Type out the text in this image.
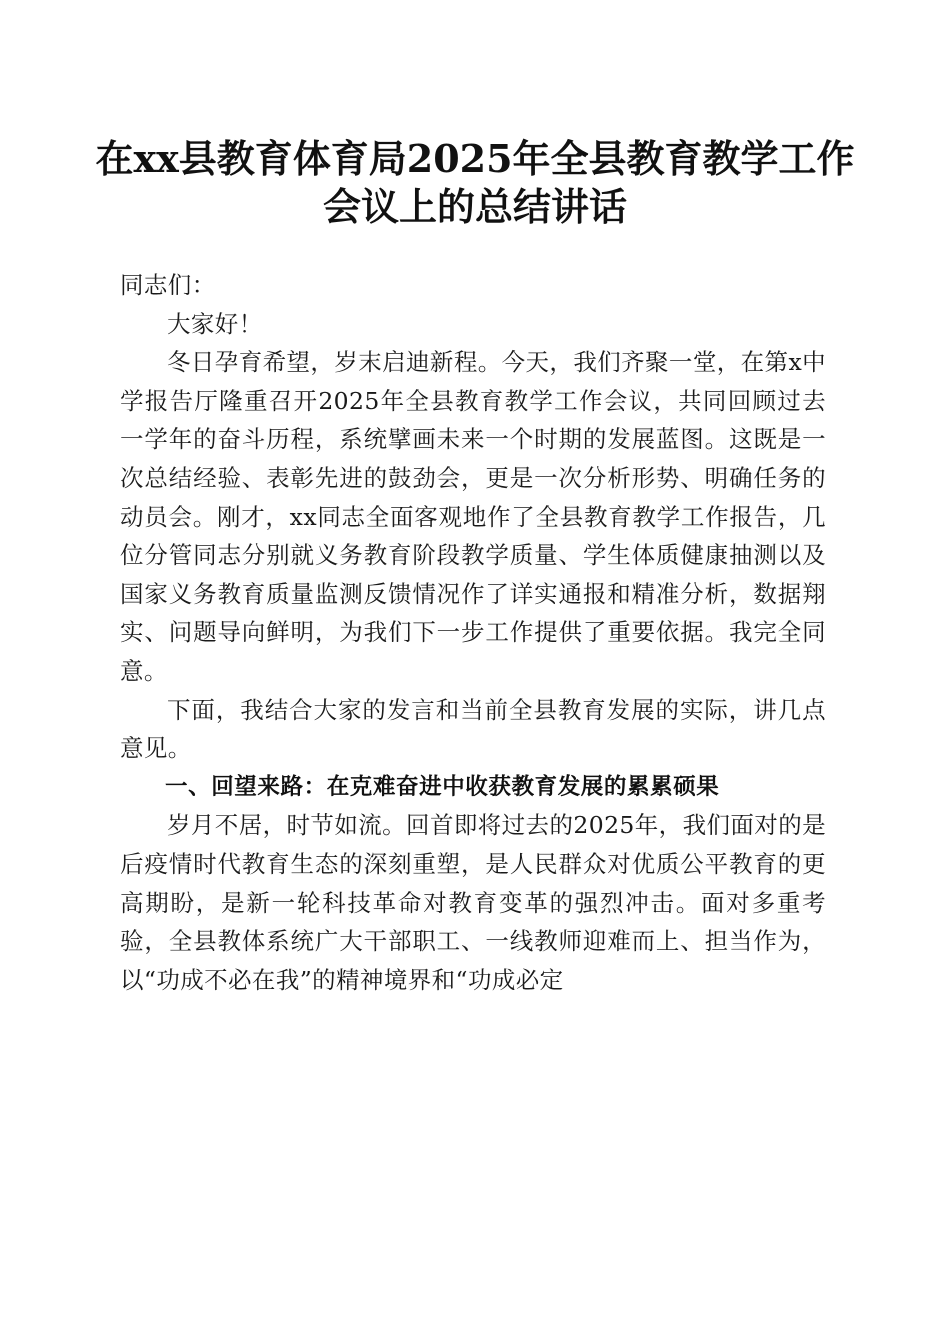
在xx县教育体育局2025年全县教育教学工作
会议上的总结讲话

同志们：

大家好！

冬日孕育希望，岁末启迪新程。今天，我们齐聚一堂，在第x中学报告厅隆重召开2025年全县教育教学工作会议，共同回顾过去一学年的奋斗历程，系统擘画未来一个时期的发展蓝图。这既是一次总结经验、表彰先进的鼓劲会，更是一次分析形势、明确任务的动员会。刚才，xx同志全面客观地作了全县教育教学工作报告，几位分管同志分别就义务教育阶段教学质量、学生体质健康抽测以及国家义务教育质量监测反馈情况作了详实通报和精准分析，数据翔实、问题导向鲜明，为我们下一步工作提供了重要依据。我完全同意。

下面，我结合大家的发言和当前全县教育发展的实际，讲几点意见。

一、回望来路：在克难奋进中收获教育发展的累累硕果

岁月不居，时节如流。回首即将过去的2025年，我们面对的是后疫情时代教育生态的深刻重塑，是人民群众对优质公平教育的更高期盼，是新一轮科技革命对教育变革的强烈冲击。面对多重考验，全县教体系统广大干部职工、一线教师迎难而上、担当作为，以“功成不必在我”的精神境界和“功成必定
